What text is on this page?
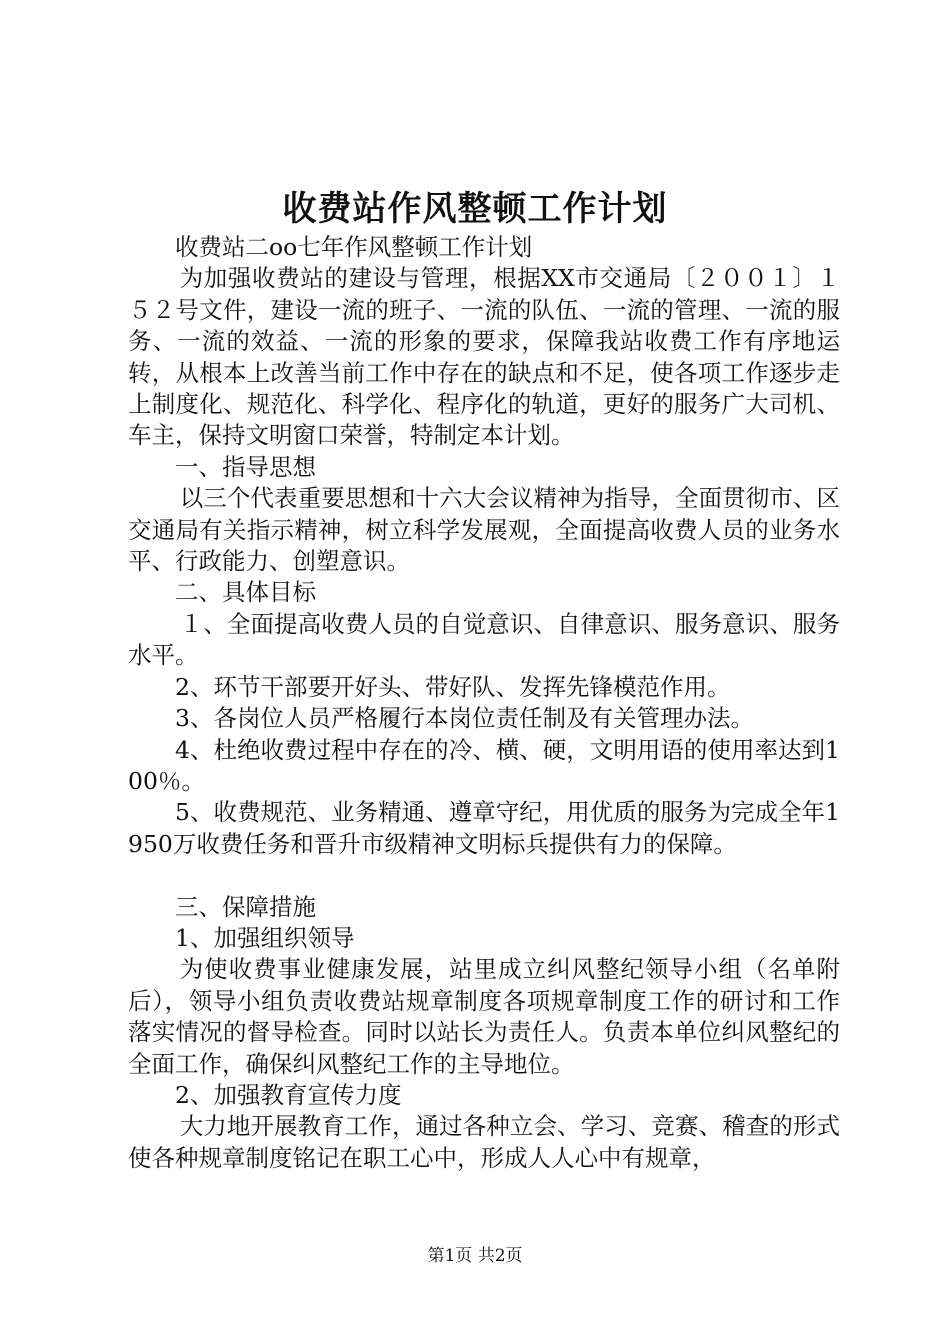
收费站作风整顿工作计划

收费站二oo七年作风整顿工作计划

为加强收费站的建设与管理，根据XX市交通局〔２００１〕１５２号文件，建设一流的班子、一流的队伍、一流的管理、一流的服务、一流的效益、一流的形象的要求，保障我站收费工作有序地运转，从根本上改善当前工作中存在的缺点和不足，使各项工作逐步走上制度化、规范化、科学化、程序化的轨道，更好的服务广大司机、车主，保持文明窗口荣誉，特制定本计划。

一、指导思想

以三个代表重要思想和十六大会议精神为指导，全面贯彻市、区交通局有关指示精神，树立科学发展观，全面提高收费人员的业务水平、行政能力、创塑意识。

二、具体目标

１、全面提高收费人员的自觉意识、自律意识、服务意识、服务水平。

2、环节干部要开好头、带好队、发挥先锋模范作用。

3、各岗位人员严格履行本岗位责任制及有关管理办法。

4、杜绝收费过程中存在的冷、横、硬，文明用语的使用率达到100％。

5、收费规范、业务精通、遵章守纪，用优质的服务为完成全年1950万收费任务和晋升市级精神文明标兵提供有力的保障。

三、保障措施

1、加强组织领导

为使收费事业健康发展，站里成立纠风整纪领导小组（名单附后），领导小组负责收费站规章制度各项规章制度工作的研讨和工作落实情况的督导检查。同时以站长为责任人。负责本单位纠风整纪的全面工作，确保纠风整纪工作的主导地位。

2、加强教育宣传力度

大力地开展教育工作，通过各种立会、学习、竞赛、稽查的形式使各种规章制度铭记在职工心中，形成人人心中有规章，

第1页 共2页
